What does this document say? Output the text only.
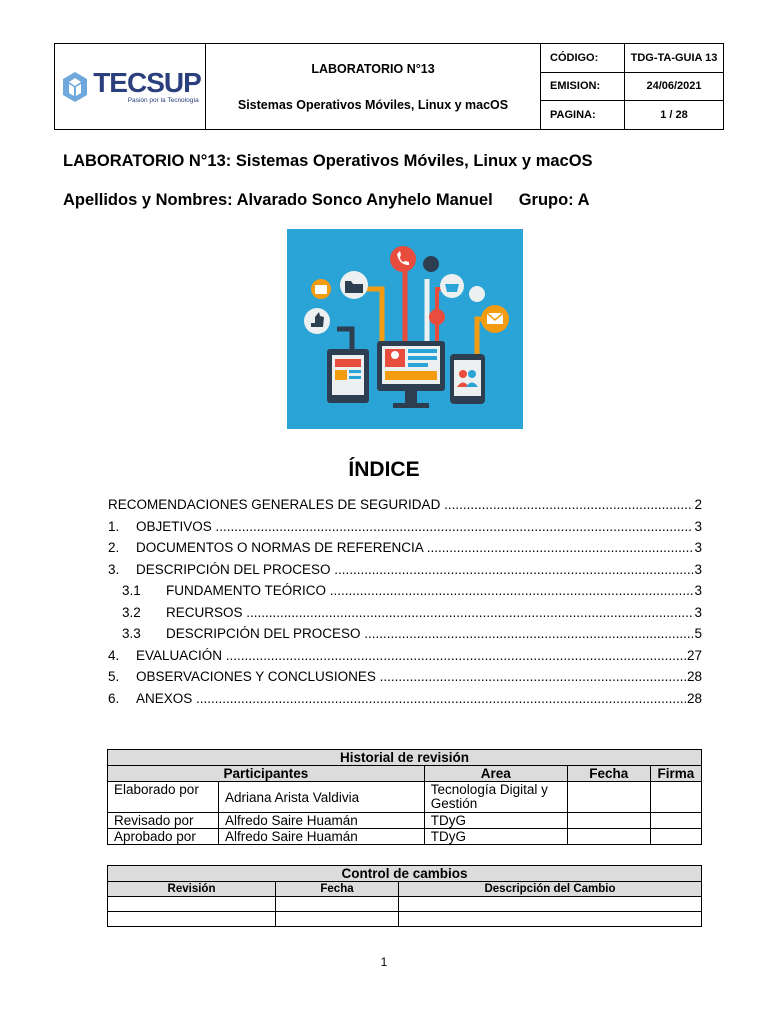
TECSUP
Pasión por la Tecnología
LABORATORIO N°13
Sistemas Operativos Móviles, Linux y macOS
CÓDIGO:	TDG-TA-GUIA 13
EMISION:	24/06/2021
PAGINA:	1 / 28
LABORATORIO N°13: Sistemas Operativos Móviles, Linux y macOS
Apellidos y Nombres: Alvarado Sonco Anyhelo Manuel Grupo: A
ÍNDICE
RECOMENDACIONES GENERALES DE SEGURIDAD .....	2
1.	OBJETIVOS .....	3
2.	DOCUMENTOS O NORMAS DE REFERENCIA .....	3
3.	DESCRIPCIÓN DEL PROCESO .....	3
3.1	FUNDAMENTO TEÓRICO .....	3
3.2	RECURSOS .....	3
3.3	DESCRIPCIÓN DEL PROCESO .....	5
4.	EVALUACIÓN .....	27
5.	OBSERVACIONES Y CONCLUSIONES .....	28
6.	ANEXOS .....	28
Historial de revisión				
Participantes		Area	Fecha	Firma
Elaborado por	Adriana Arista Valdivia	Tecnología Digital y Gestión		
Revisado por	Alfredo Saire Huamán	TDyG		
Aprobado por	Alfredo Saire Huamán	TDyG		
Control de cambios		
Revisión	Fecha	Descripción del Cambio

1
